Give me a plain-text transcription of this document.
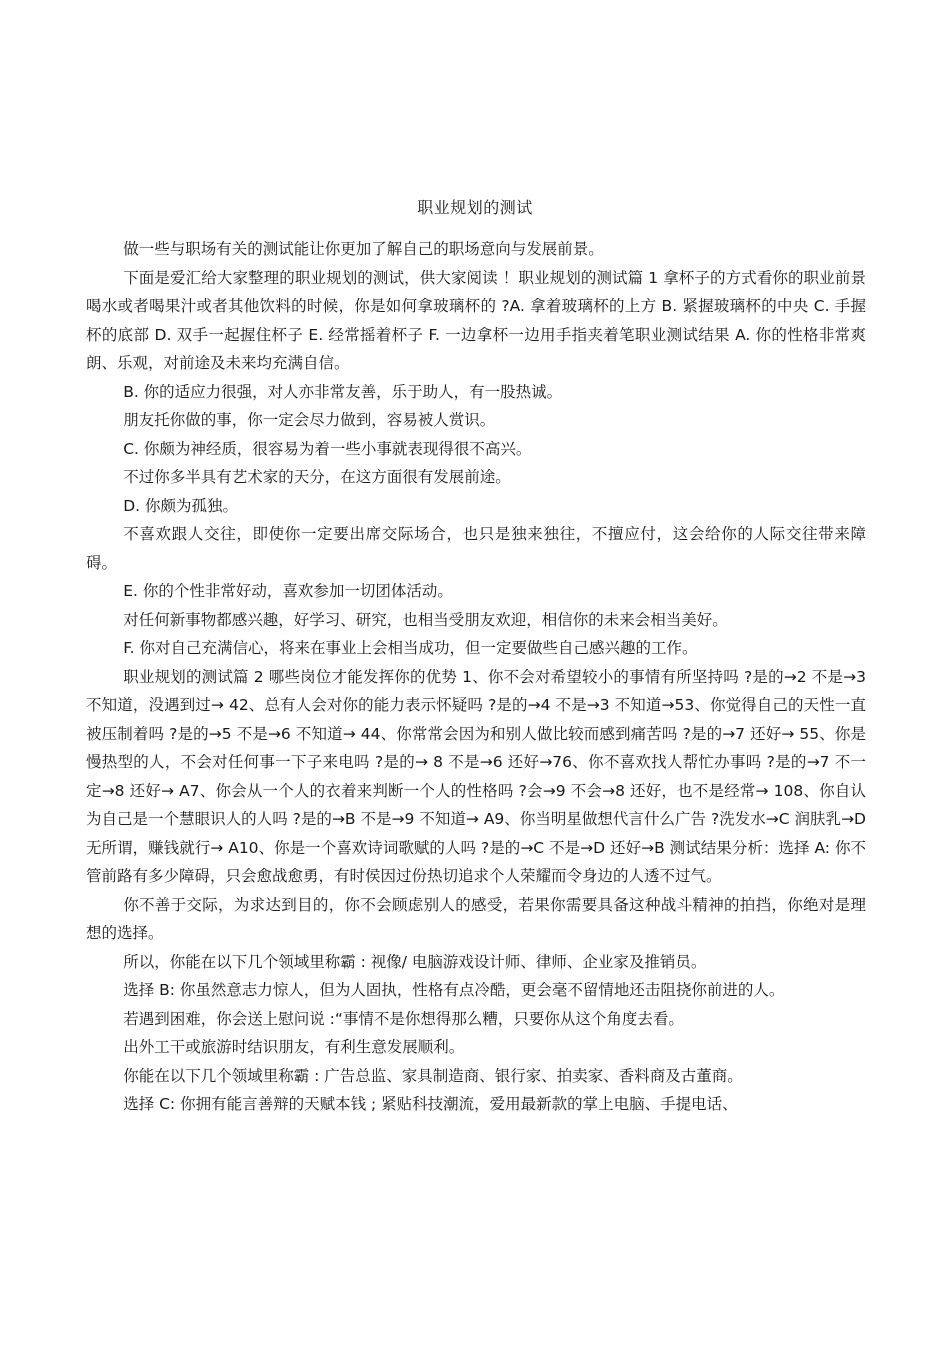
职业规划的测试

做一些与职场有关的测试能让你更加了解自己的职场意向与发展前景。

下面是爱汇给大家整理的职业规划的测试，供大家阅读 ！职业规划的测试篇 1 拿杯子的方式看你的职业前景喝水或者喝果汁或者其他饮料的时候，你是如何拿玻璃杯的 ?A. 拿着玻璃杯的上方 B. 紧握玻璃杯的中央 C. 手握杯的底部 D. 双手一起握住杯子 E. 经常摇着杯子 F. 一边拿杯一边用手指夹着笔职业测试结果 A. 你的性格非常爽朗、乐观，对前途及未来均充满自信。

B. 你的适应力很强，对人亦非常友善，乐于助人，有一股热诚。

朋友托你做的事，你一定会尽力做到，容易被人赏识。

C. 你颇为神经质，很容易为着一些小事就表现得很不高兴。

不过你多半具有艺术家的天分，在这方面很有发展前途。

D. 你颇为孤独。

不喜欢跟人交往，即使你一定要出席交际场合，也只是独来独往，不擅应付，这会给你的人际交往带来障碍。

E. 你的个性非常好动，喜欢参加一切团体活动。

对任何新事物都感兴趣，好学习、研究，也相当受朋友欢迎，相信你的未来会相当美好。

F. 你对自己充满信心，将来在事业上会相当成功，但一定要做些自己感兴趣的工作。

职业规划的测试篇 2 哪些岗位才能发挥你的优势 1、你不会对希望较小的事情有所坚持吗 ?是的→2 不是→3 不知道，没遇到过→ 42、总有人会对你的能力表示怀疑吗 ?是的→4 不是→3 不知道→53、你觉得自己的天性一直被压制着吗 ?是的→5 不是→6 不知道→ 44、你常常会因为和别人做比较而感到痛苦吗 ?是的→7 还好→ 55、你是慢热型的人，不会对任何事一下子来电吗 ?是的→ 8 不是→6 还好→76、你不喜欢找人帮忙办事吗 ?是的→7 不一定→8 还好→ A7、你会从一个人的衣着来判断一个人的性格吗 ?会→9 不会→8 还好，也不是经常→ 108、你自认为自己是一个慧眼识人的人吗 ?是的→B 不是→9 不知道→ A9、你当明星做想代言什么广告 ?洗发水→C 润肤乳→D 无所谓，赚钱就行→ A10、你是一个喜欢诗词歌赋的人吗 ?是的→C 不是→D 还好→B 测试结果分析：选择 A: 你不管前路有多少障碍，只会愈战愈勇，有时侯因过份热切追求个人荣耀而令身边的人透不过气。

你不善于交际，为求达到目的，你不会顾虑别人的感受，若果你需要具备这种战斗精神的拍挡，你绝对是理想的选择。

所以，你能在以下几个领域里称霸 : 视像/ 电脑游戏设计师、律师、企业家及推销员。

选择 B: 你虽然意志力惊人，但为人固执，性格有点冷酷，更会毫不留情地还击阻挠你前进的人。

若遇到困难，你会送上慰问说 :“事情不是你想得那么糟，只要你从这个角度去看。

出外工干或旅游时结识朋友，有利生意发展顺利。

你能在以下几个领域里称霸 : 广告总监、家具制造商、银行家、拍卖家、香料商及古董商。

选择 C: 你拥有能言善辩的天赋本钱 ; 紧贴科技潮流，爱用最新款的掌上电脑、手提电话、
